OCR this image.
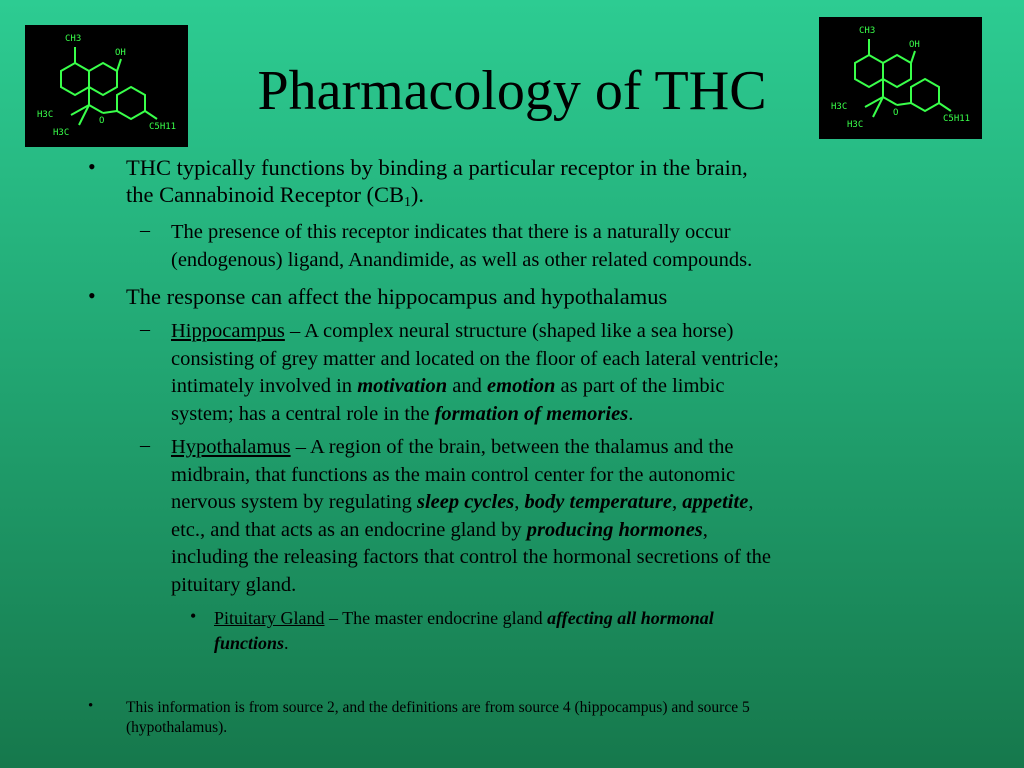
Pharmacology of THC
CH3
OH
H3C
H3C
O
C5H11
CH3
OH
H3C
H3C
O
C5H11
• THC typically functions by binding a particular receptor in the brain,
the Cannabinoid Receptor $(CB_1)$.
– The presence of this receptor indicates that there is a naturally occur
(endogenous) ligand, Anandimide, as well as other related compounds.
• The response can affect the hippocampus and hypothalamus
– Hippocampus – A complex neural structure (shaped like a sea horse)
consisting of grey matter and located on the floor of each lateral ventricle;
intimately involved in motivation and emotion as part of the limbic
system; has a central role in the formation of memories.
– Hypothalamus – A region of the brain, between the thalamus and the
midbrain, that functions as the main control center for the autonomic
nervous system by regulating sleep cycles, body temperature, appetite,
etc., and that acts as an endocrine gland by producing hormones,
including the releasing factors that control the hormonal secretions of the
pituitary gland.
• Pituitary Gland – The master endocrine gland affecting all hormonal
functions.
• This information is from source 2, and the definitions are from source 4 (hippocampus) and source 5
(hypothalamus).
